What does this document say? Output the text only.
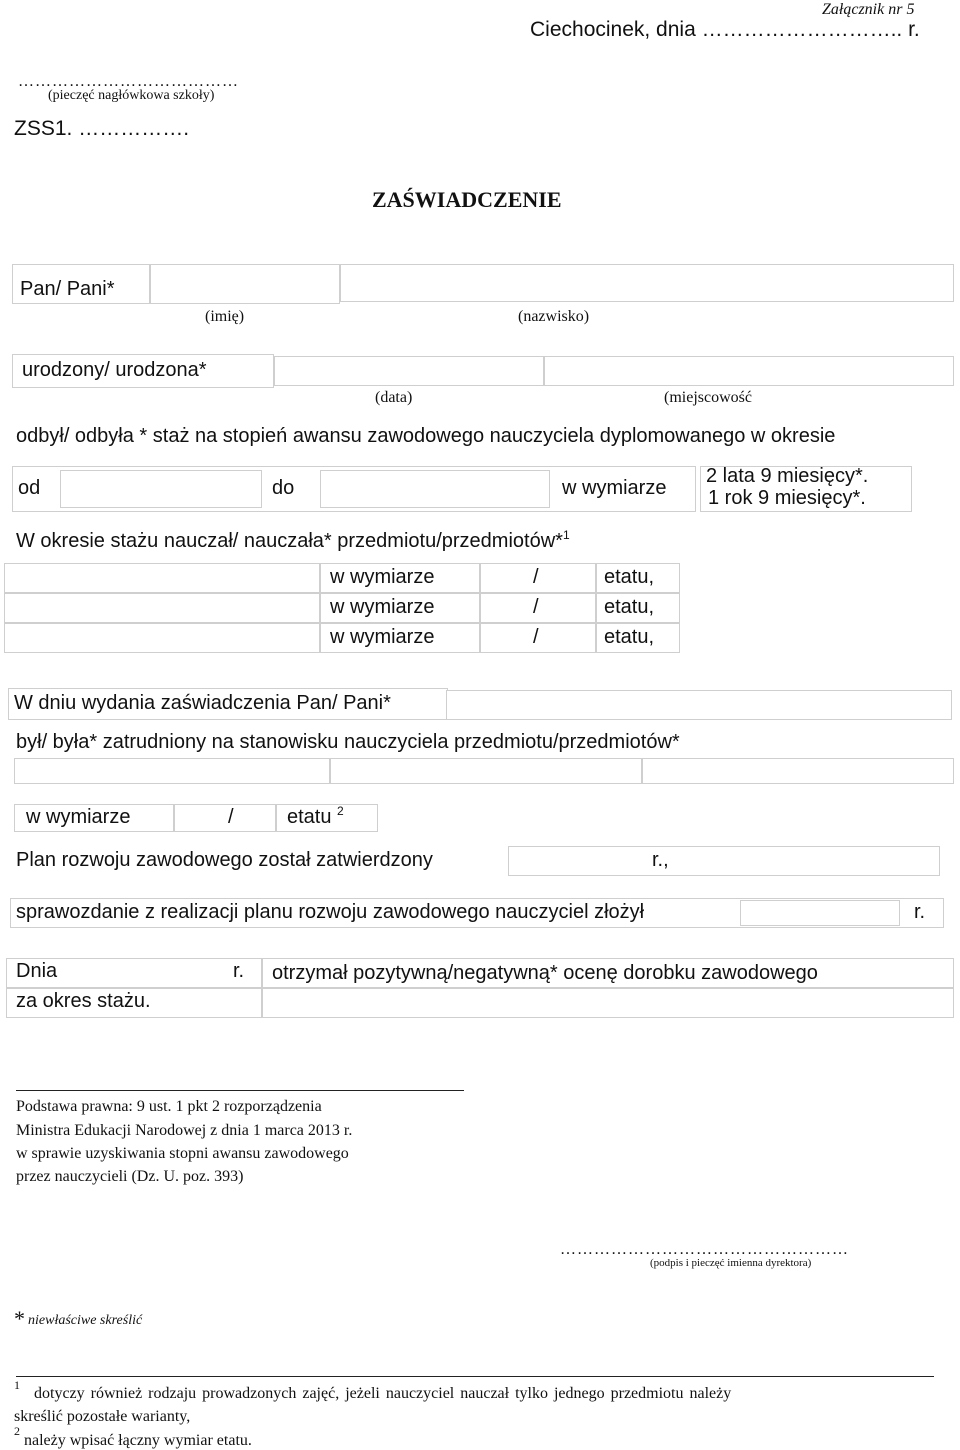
Załącznik nr 5
Ciechocinek, dnia ……………………….. r.
…………………………………
(pieczęć nagłówkowa szkoły)
ZSS1. …………….
ZAŚWIADCZENIE
Pan/ Pani*
(imię)	(nazwisko)
urodzony/ urodzona*
(data)	(miejscowość
odbył/ odbyła * staż na stopień awansu zawodowego nauczyciela dyplomowanego w okresie
od	do	w wymiarze
2 lata 9 miesięcy*.
1 rok 9 miesięcy*.
W okresie stażu nauczał/ nauczała* przedmiotu/przedmiotów*$^1$
w wymiarze	/	etatu,
w wymiarze	/	etatu,
w wymiarze	/	etatu,
W dniu wydania zaświadczenia Pan/ Pani*
był/ była* zatrudniony na stanowisku nauczyciela przedmiotu/przedmiotów*
w wymiarze	/	etatu $^2$
Plan rozwoju zawodowego został zatwierdzony	r.,
sprawozdanie z realizacji planu rozwoju zawodowego nauczyciel złożył	r.
Dnia	r. otrzymał pozytywną/negatywną* ocenę dorobku zawodowego
za okres stażu.
Podstawa prawna: 9 ust. 1 pkt 2 rozporządzenia
Ministra Edukacji Narodowej z dnia 1 marca 2013 r.
w sprawie uzyskiwania stopni awansu zawodowego
przez nauczycieli (Dz. U. poz. 393)
……………………………………………
(podpis i pieczęć imienna dyrektora)
* niewłaściwe skreślić
1 dotyczy również rodzaju prowadzonych zajęć, jeżeli nauczyciel nauczał tylko jednego przedmiotu należy
skreślić pozostałe warianty,
2
należy wpisać łączny wymiar etatu.
